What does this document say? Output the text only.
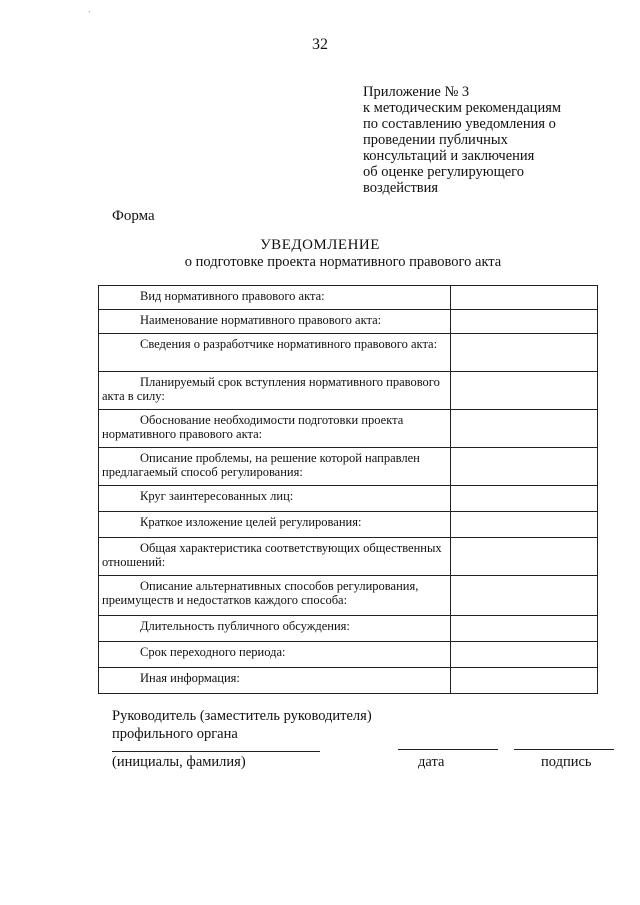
ˋ
32
Приложение № 3
к методическим рекомендациям
по составлению уведомления о
проведении публичных
консультаций и заключения
об оценке регулирующего
воздействия
Форма
УВЕДОМЛЕНИЕ
о подготовке проекта нормативного правового акта
Вид нормативного правового акта:	
Наименование нормативного правового акта:	
Сведения о разработчике нормативного правового акта:	
Планируемый срок вступления нормативного правового акта в силу:	
Обоснование необходимости подготовки проекта нормативного правового акта:	
Описание проблемы, на решение которой направлен предлагаемый способ регулирования:	
Круг заинтересованных лиц:	
Краткое изложение целей регулирования:	
Общая характеристика соответствующих общественных отношений:	
Описание альтернативных способов регулирования, преимуществ и недостатков каждого способа:	
Длительность публичного обсуждения:	
Срок переходного периода:	
Иная информация:	
Руководитель (заместитель руководителя)
профильного органа
(инициалы, фамилия)	дата	подпись
